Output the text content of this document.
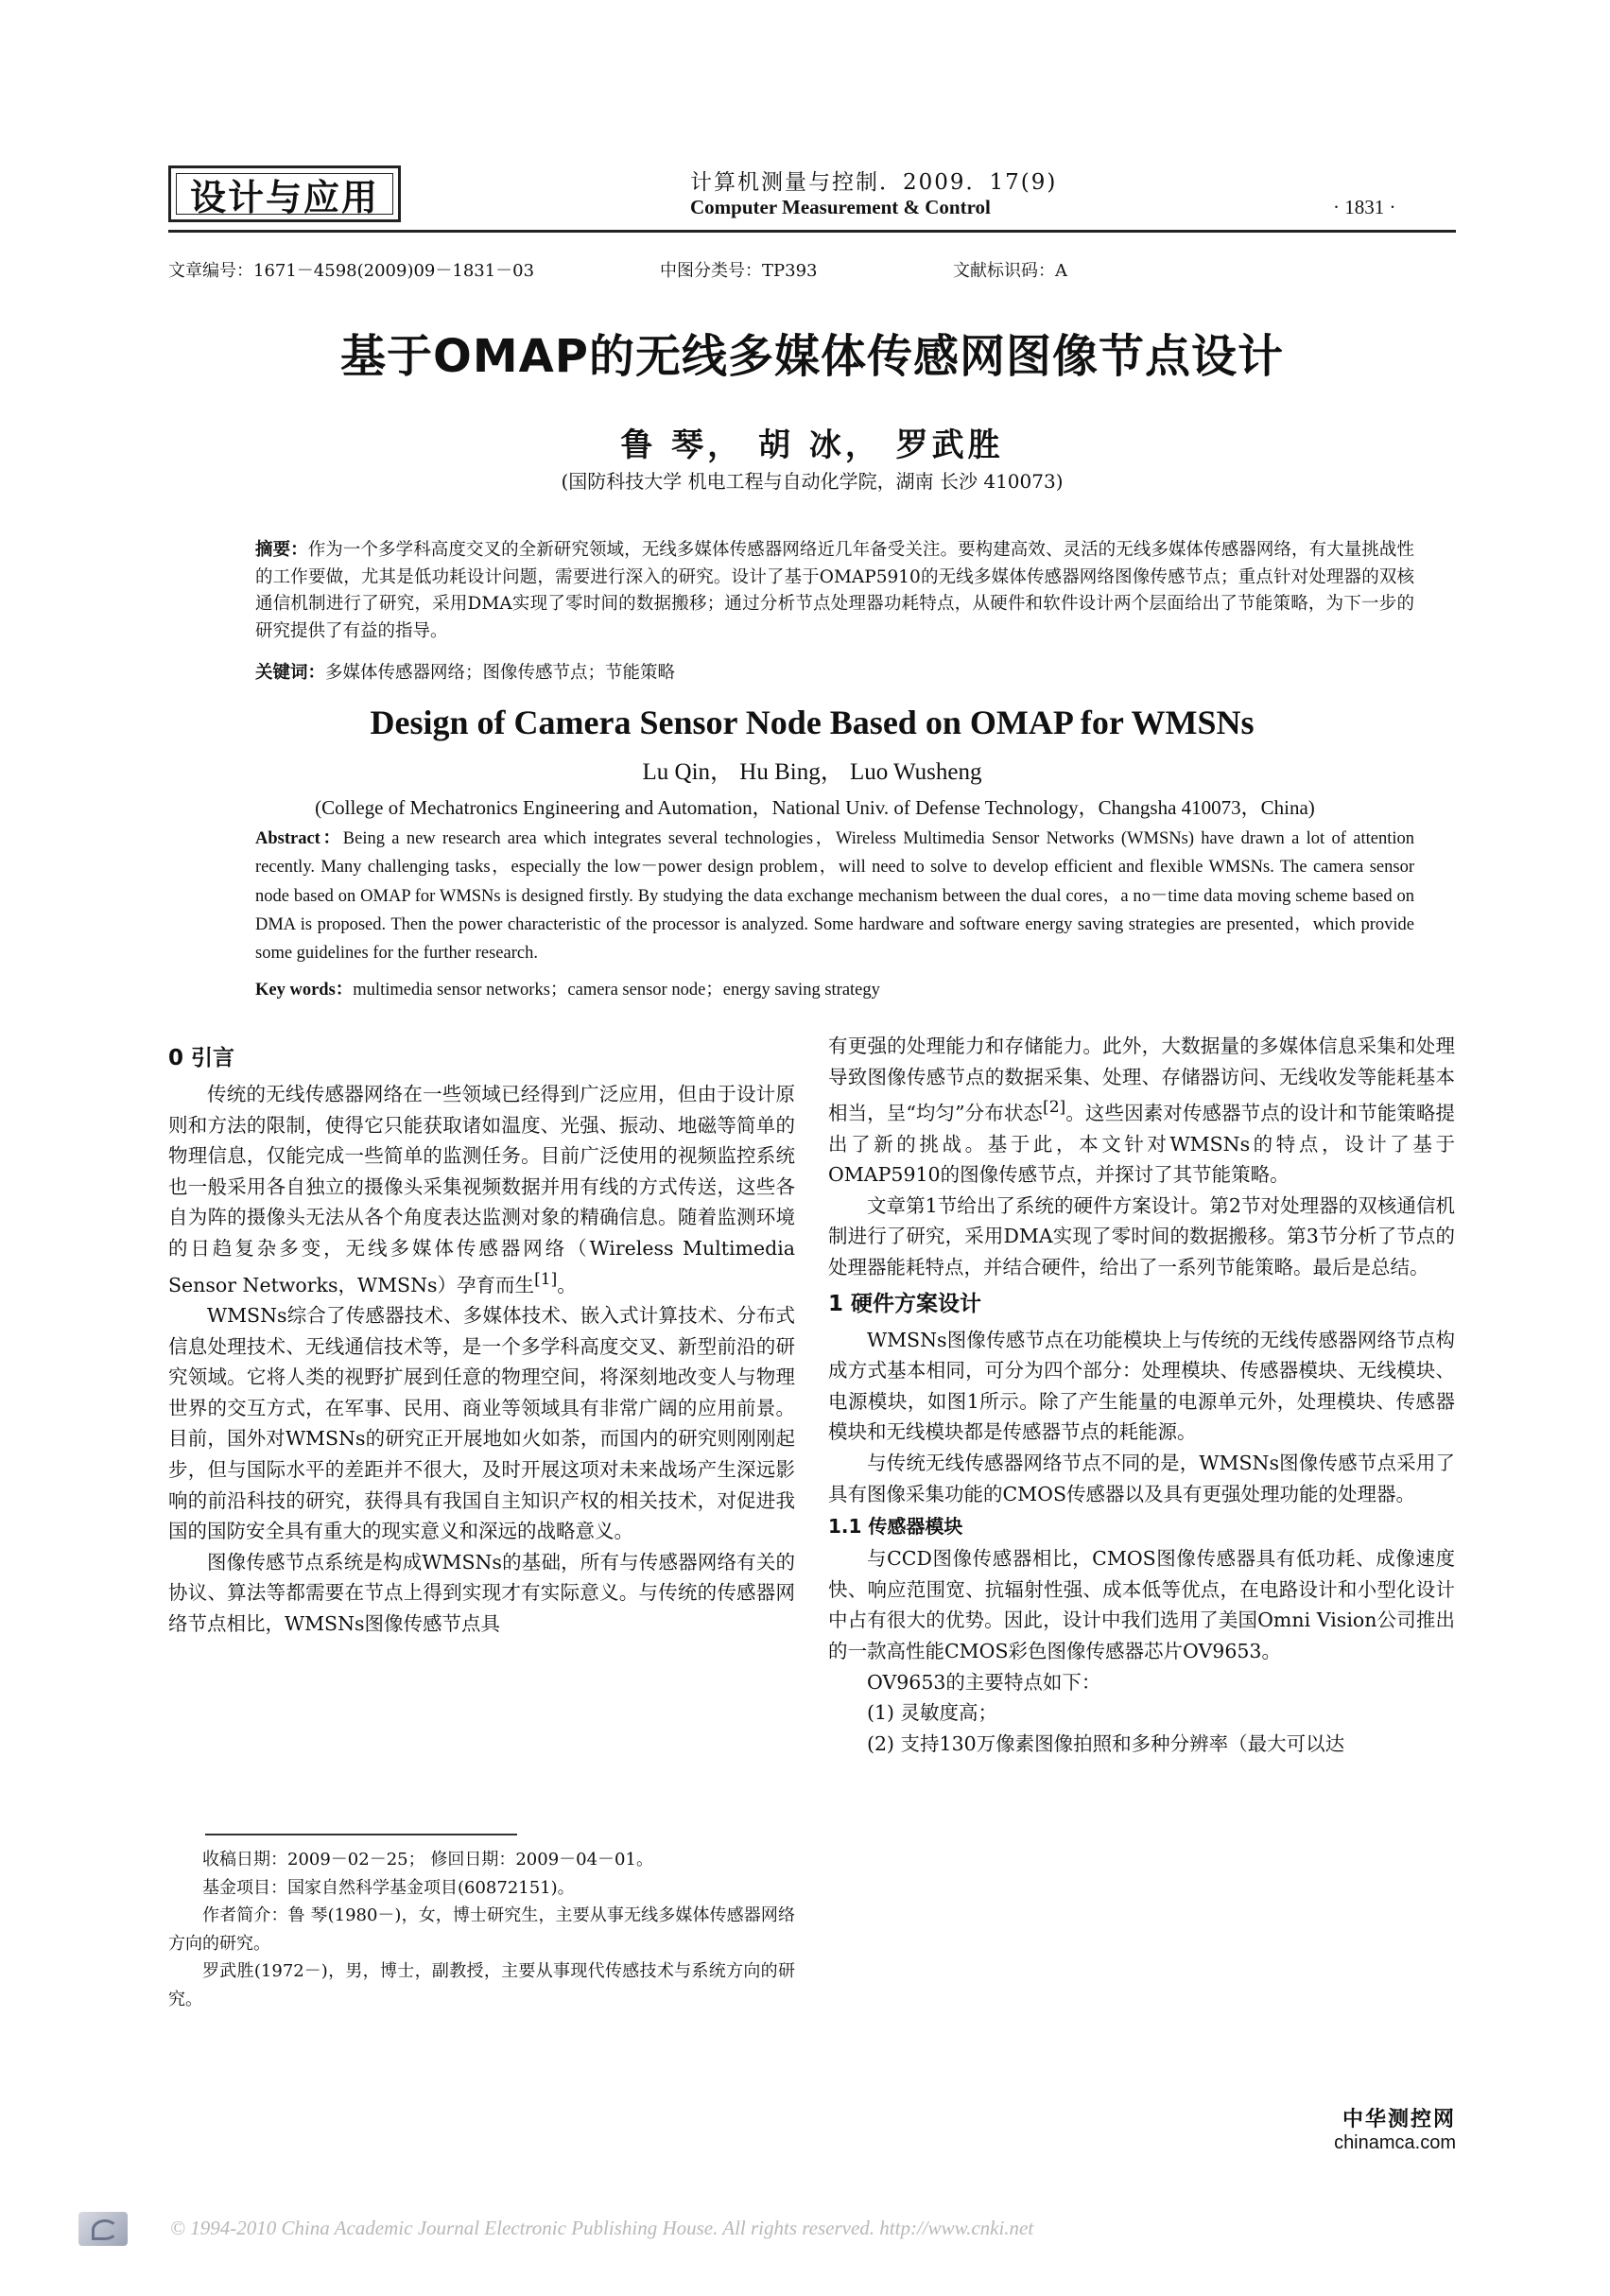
设计与应用	计算机测量与控制．2009．17(9)
Computer Measurement & Control	· 1831 ·
文章编号：1671－4598(2009)09－1831－03	中图分类号：TP393	文献标识码：A
基于OMAP的无线多媒体传感网图像节点设计
鲁 琴， 胡 冰， 罗武胜
(国防科技大学 机电工程与自动化学院，湖南 长沙 410073)
摘要：作为一个多学科高度交叉的全新研究领域，无线多媒体传感器网络近几年备受关注。要构建高效、灵活的无线多媒体传感器网络，有大量挑战性的工作要做，尤其是低功耗设计问题，需要进行深入的研究。设计了基于OMAP5910的无线多媒体传感器网络图像传感节点；重点针对处理器的双核通信机制进行了研究，采用DMA实现了零时间的数据搬移；通过分析节点处理器功耗特点，从硬件和软件设计两个层面给出了节能策略，为下一步的研究提供了有益的指导。
关键词：多媒体传感器网络；图像传感节点；节能策略
Design of Camera Sensor Node Based on OMAP for WMSNs
Lu Qin， Hu Bing， Luo Wusheng
(College of Mechatronics Engineering and Automation，National Univ. of Defense Technology，Changsha 410073，China)
Abstract：Being a new research area which integrates several technologies，Wireless Multimedia Sensor Networks (WMSNs) have drawn a lot of attention recently. Many challenging tasks，especially the low－power design problem，will need to solve to develop efficient and flexible WMSNs. The camera sensor node based on OMAP for WMSNs is designed firstly. By studying the data exchange mechanism between the dual cores，a no－time data moving scheme based on DMA is proposed. Then the power characteristic of the processor is analyzed. Some hardware and software energy saving strategies are presented，which provide some guidelines for the further research.
Key words：multimedia sensor networks；camera sensor node；energy saving strategy
0 引言

传统的无线传感器网络在一些领域已经得到广泛应用，但由于设计原则和方法的限制，使得它只能获取诸如温度、光强、振动、地磁等简单的物理信息，仅能完成一些简单的监测任务。目前广泛使用的视频监控系统也一般采用各自独立的摄像头采集视频数据并用有线的方式传送，这些各自为阵的摄像头无法从各个角度表达监测对象的精确信息。随着监测环境的日趋复杂多变，无线多媒体传感器网络（Wireless Multimedia Sensor Networks，WMSNs）孕育而生[1]。

WMSNs综合了传感器技术、多媒体技术、嵌入式计算技术、分布式信息处理技术、无线通信技术等，是一个多学科高度交叉、新型前沿的研究领域。它将人类的视野扩展到任意的物理空间，将深刻地改变人与物理世界的交互方式，在军事、民用、商业等领域具有非常广阔的应用前景。目前，国外对WMSNs的研究正开展地如火如荼，而国内的研究则刚刚起步，但与国际水平的差距并不很大，及时开展这项对未来战场产生深远影响的前沿科技的研究，获得具有我国自主知识产权的相关技术，对促进我国的国防安全具有重大的现实意义和深远的战略意义。

图像传感节点系统是构成WMSNs的基础，所有与传感器网络有关的协议、算法等都需要在节点上得到实现才有实际意义。与传统的传感器网络节点相比，WMSNs图像传感节点具

有更强的处理能力和存储能力。此外，大数据量的多媒体信息采集和处理导致图像传感节点的数据采集、处理、存储器访问、无线收发等能耗基本相当，呈“均匀”分布状态[2]。这些因素对传感器节点的设计和节能策略提出了新的挑战。基于此，本文针对WMSNs的特点，设计了基于OMAP5910的图像传感节点，并探讨了其节能策略。

文章第1节给出了系统的硬件方案设计。第2节对处理器的双核通信机制进行了研究，采用DMA实现了零时间的数据搬移。第3节分析了节点的处理器能耗特点，并结合硬件，给出了一系列节能策略。最后是总结。

1 硬件方案设计

WMSNs图像传感节点在功能模块上与传统的无线传感器网络节点构成方式基本相同，可分为四个部分：处理模块、传感器模块、无线模块、电源模块，如图1所示。除了产生能量的电源单元外，处理模块、传感器模块和无线模块都是传感器节点的耗能源。

与传统无线传感器网络节点不同的是，WMSNs图像传感节点采用了具有图像采集功能的CMOS传感器以及具有更强处理功能的处理器。

1.1 传感器模块

与CCD图像传感器相比，CMOS图像传感器具有低功耗、成像速度快、响应范围宽、抗辐射性强、成本低等优点，在电路设计和小型化设计中占有很大的优势。因此，设计中我们选用了美国Omni Vision公司推出的一款高性能CMOS彩色图像传感器芯片OV9653。

OV9653的主要特点如下：

(1) 灵敏度高；

(2) 支持130万像素图像拍照和多种分辨率（最大可以达

收稿日期：2009－02－25； 修回日期：2009－04－01。

基金项目：国家自然科学基金项目(60872151)。

作者简介：鲁 琴(1980－)，女，博士研究生，主要从事无线多媒体传感器网络方向的研究。

罗武胜(1972－)，男，博士，副教授，主要从事现代传感技术与系统方向的研究。

中华测控网
chinamca.com
© 1994-2010 China Academic Journal Electronic Publishing House. All rights reserved. http://www.cnki.net
